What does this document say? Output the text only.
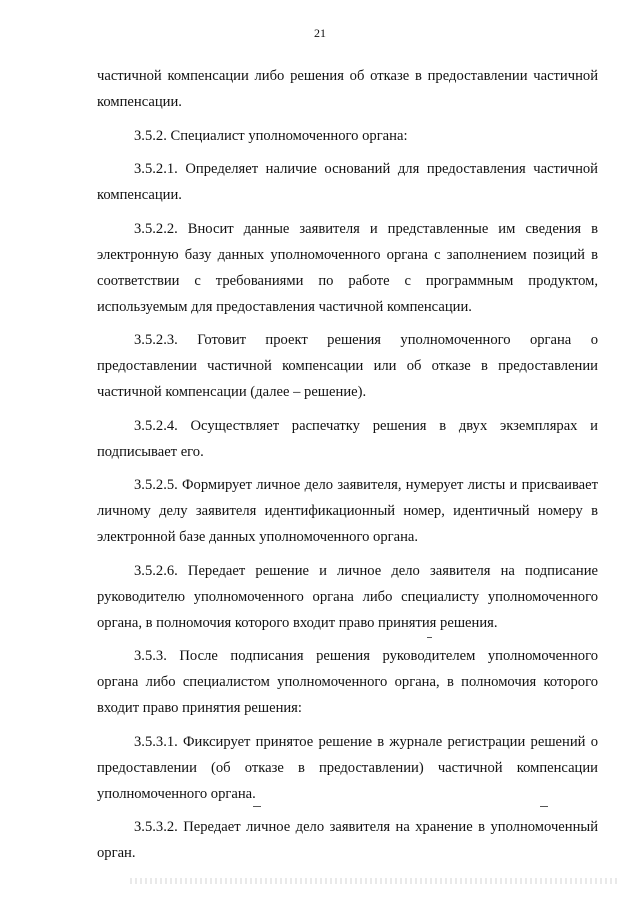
21

частичной компенсации либо решения об отказе в предоставлении частичной компенсации.

3.5.2. Специалист уполномоченного органа:

3.5.2.1. Определяет наличие оснований для предоставления частичной компенсации.

3.5.2.2. Вносит данные заявителя и представленные им сведения в электронную базу данных уполномоченного органа с заполнением позиций в соответствии с требованиями по работе с программным продуктом, используемым для предоставления частичной компенсации.

3.5.2.3. Готовит проект решения уполномоченного органа о предоставлении частичной компенсации или об отказе в предоставлении частичной компенсации (далее – решение).

3.5.2.4. Осуществляет распечатку решения в двух экземплярах и подписывает его.

3.5.2.5. Формирует личное дело заявителя, нумерует листы и присваивает личному делу заявителя идентификационный номер, идентичный номеру в электронной базе данных уполномоченного органа.

3.5.2.6. Передает решение и личное дело заявителя на подписание руководителю уполномоченного органа либо специалисту уполномоченного органа, в полномочия которого входит право принятия решения.

3.5.3. После подписания решения руководителем уполномоченного органа либо специалистом уполномоченного органа, в полномочия которого входит право принятия решения:

3.5.3.1. Фиксирует принятое решение в журнале регистрации решений о предоставлении (об отказе в предоставлении) частичной компенсации уполномоченного органа.

3.5.3.2. Передает личное дело заявителя на хранение в уполномоченный орган.
